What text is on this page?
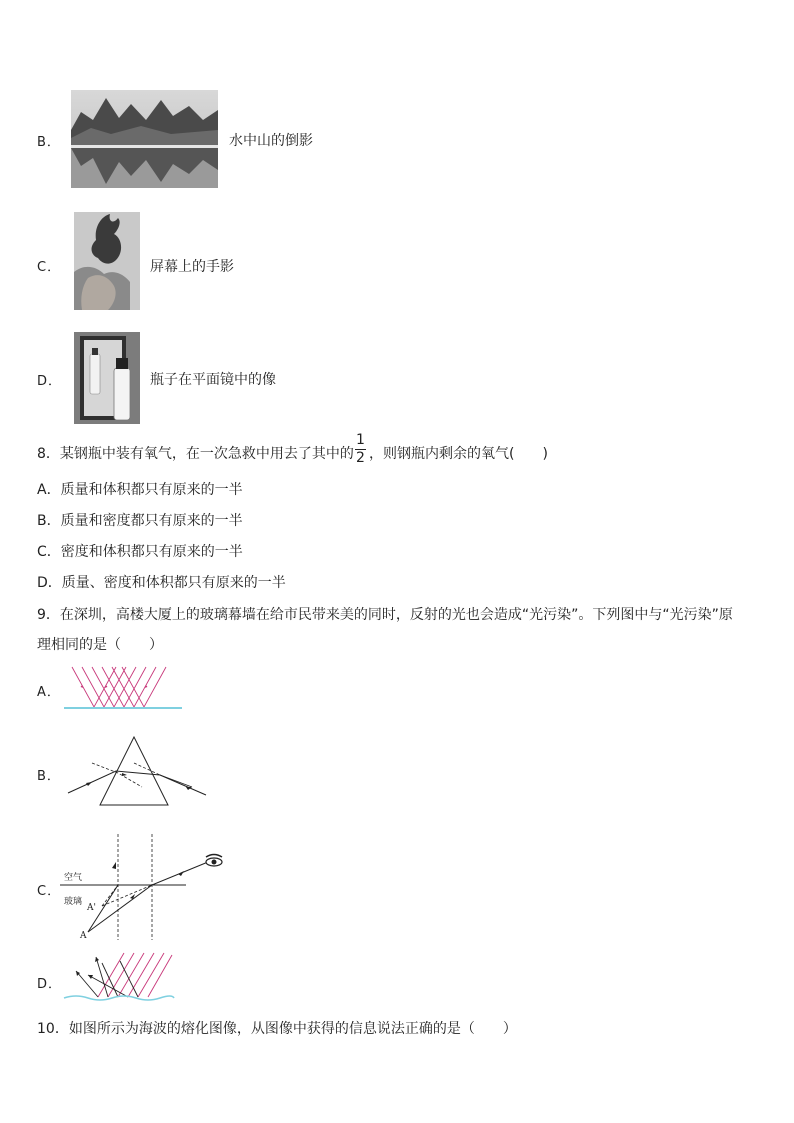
B．	水中山的倒影
C．	屏幕上的手影
D．	瓶子在平面镜中的像
8．某钢瓶中装有氧气，在一次急救中用去了其中的
1
2 ，则钢瓶内剩余的氧气(　　)
A．质量和体积都只有原来的一半
B．质量和密度都只有原来的一半
C．密度和体积都只有原来的一半
D．质量、密度和体积都只有原来的一半
9．在深圳，高楼大厦上的玻璃幕墙在给市民带来美的同时，反射的光也会造成“光污染”。下列图中与“光污染”原
理相同的是（　　）
A．
B．
C．
空气
玻璃
A'
A
D．
10．如图所示为海波的熔化图像，从图像中获得的信息说法正确的是（　　）
